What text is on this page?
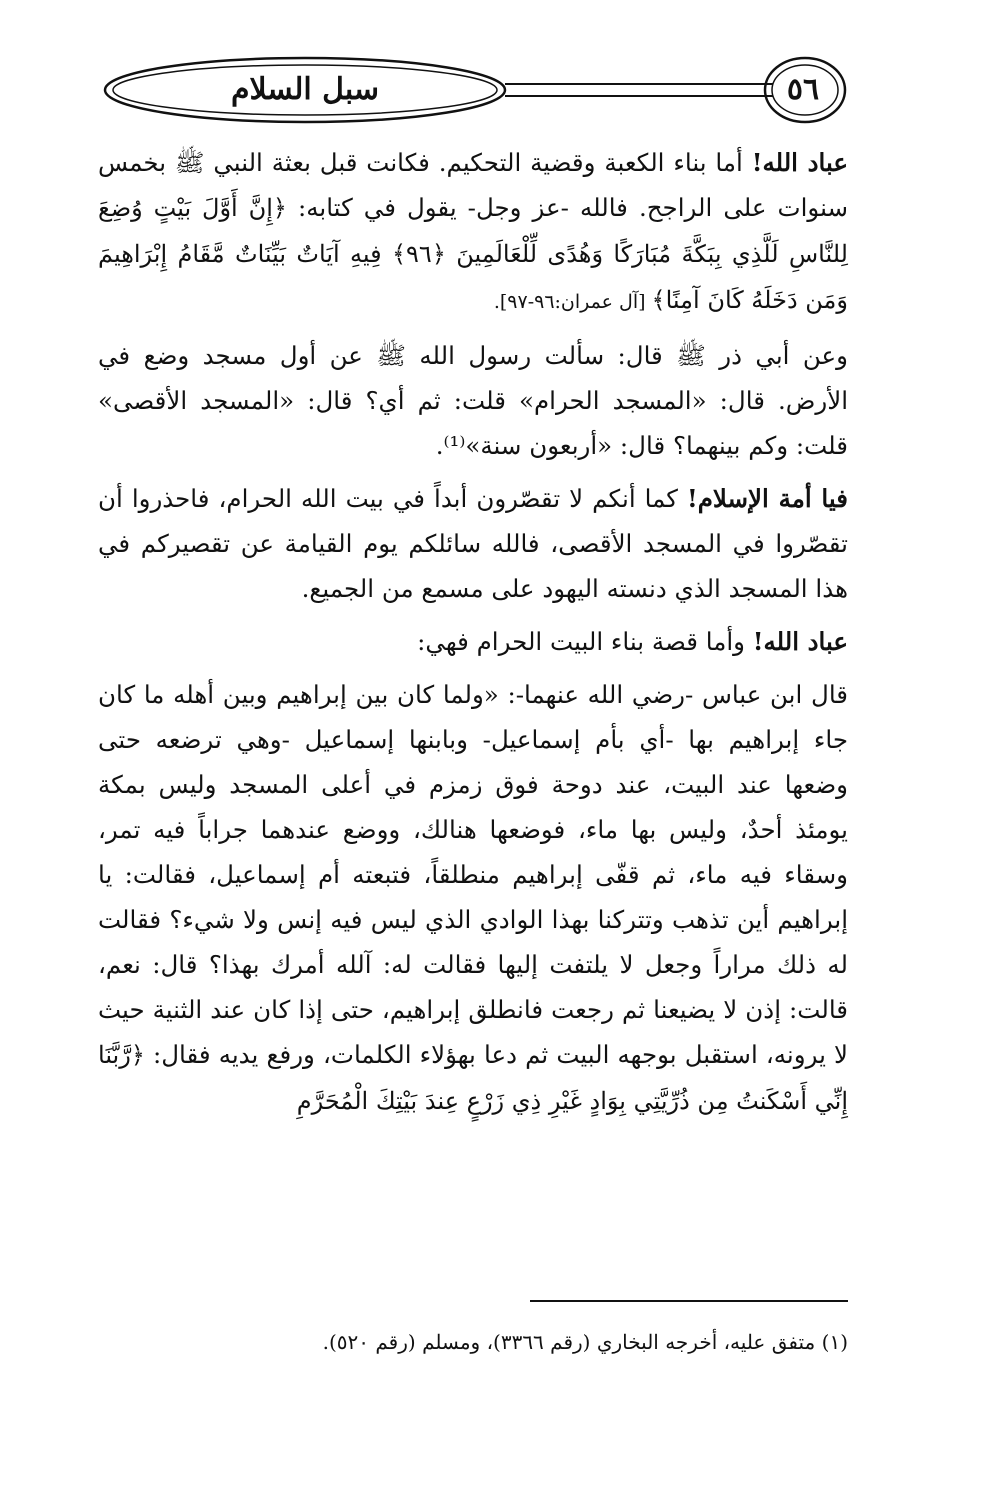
سبل السلام	٥٦

عباد الله! أما بناء الكعبة وقضية التحكيم. فكانت قبل بعثة النبي ﷺ بخمس سنوات على الراجح. فالله -عز وجل- يقول في كتابه: ﴿إِنَّ أَوَّلَ بَيْتٍ وُضِعَ لِلنَّاسِ لَلَّذِي بِبَكَّةَ مُبَارَكًا وَهُدًى لِّلْعَالَمِينَ ﴿٩٦﴾ فِيهِ آيَاتٌ بَيِّنَاتٌ مَّقَامُ إِبْرَاهِيمَ وَمَن دَخَلَهُ كَانَ آمِنًا﴾ [آل عمران:٩٦-٩٧].

وعن أبي ذر ﷺ قال: سألت رسول الله ﷺ عن أول مسجد وضع في الأرض. قال: «المسجد الحرام» قلت: ثم أي؟ قال: «المسجد الأقصى» قلت: وكم بينهما؟ قال: «أربعون سنة»⁽¹⁾.

فيا أمة الإسلام! كما أنكم لا تقصّرون أبداً في بيت الله الحرام، فاحذروا أن تقصّروا في المسجد الأقصى، فالله سائلكم يوم القيامة عن تقصيركم في هذا المسجد الذي دنسته اليهود على مسمع من الجميع.

عباد الله! وأما قصة بناء البيت الحرام فهي:

قال ابن عباس -رضي الله عنهما-: «ولما كان بين إبراهيم وبين أهله ما كان جاء إبراهيم بها -أي بأم إسماعيل- وبابنها إسماعيل -وهي ترضعه حتى وضعها عند البيت، عند دوحة فوق زمزم في أعلى المسجد وليس بمكة يومئذ أحدٌ، وليس بها ماء، فوضعها هنالك، ووضع عندهما جراباً فيه تمر، وسقاء فيه ماء، ثم قفّى إبراهيم منطلقاً، فتبعته أم إسماعيل، فقالت: يا إبراهيم أين تذهب وتتركنا بهذا الوادي الذي ليس فيه إنس ولا شيء؟ فقالت له ذلك مراراً وجعل لا يلتفت إليها فقالت له: آلله أمرك بهذا؟ قال: نعم، قالت: إذن لا يضيعنا ثم رجعت فانطلق إبراهيم، حتى إذا كان عند الثنية حيث لا يرونه، استقبل بوجهه البيت ثم دعا بهؤلاء الكلمات، ورفع يديه فقال: ﴿رَّبَّنَا إِنِّي أَسْكَنتُ مِن ذُرِّيَّتِي بِوَادٍ غَيْرِ ذِي زَرْعٍ عِندَ بَيْتِكَ الْمُحَرَّمِ

(١) متفق عليه، أخرجه البخاري (رقم ٣٣٦٦)، ومسلم (رقم ٥٢٠).
